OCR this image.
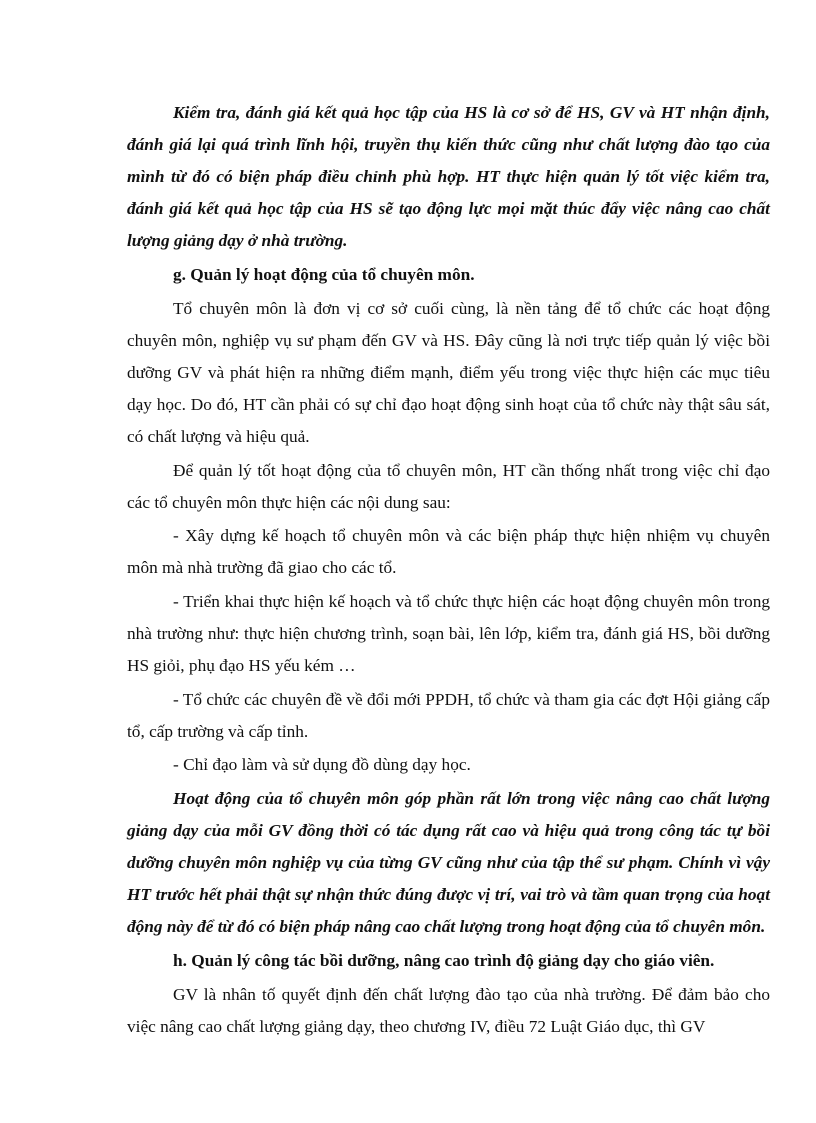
Kiểm tra, đánh giá kết quả học tập của HS là cơ sở để HS, GV và HT nhận định, đánh giá lại quá trình lĩnh hội, truyền thụ kiến thức cũng như chất lượng đào tạo của mình từ đó có biện pháp điều chỉnh phù hợp. HT thực hiện quản lý tốt việc kiểm tra, đánh giá kết quả học tập của HS sẽ tạo động lực mọi mặt thúc đẩy việc nâng cao chất lượng giảng dạy ở nhà trường.

g. Quản lý hoạt động của tổ chuyên môn.

Tổ chuyên môn là đơn vị cơ sở cuối cùng, là nền tảng để tổ chức các hoạt động chuyên môn, nghiệp vụ sư phạm đến GV và HS. Đây cũng là nơi trực tiếp quản lý việc bồi dưỡng GV và phát hiện ra những điểm mạnh, điểm yếu trong việc thực hiện các mục tiêu dạy học. Do đó, HT cần phải có sự chỉ đạo hoạt động sinh hoạt của tổ chức này thật sâu sát, có chất lượng và hiệu quả.

Để quản lý tốt hoạt động của tổ chuyên môn, HT cần thống nhất trong việc chỉ đạo các tổ chuyên môn thực hiện các nội dung sau:

- Xây dựng kế hoạch tổ chuyên môn và các biện pháp thực hiện nhiệm vụ chuyên môn mà nhà trường đã giao cho các tổ.

- Triển khai thực hiện kế hoạch và tổ chức thực hiện các hoạt động chuyên môn trong nhà trường như: thực hiện chương trình, soạn bài, lên lớp, kiểm tra, đánh giá HS, bồi dưỡng HS giỏi, phụ đạo HS yếu kém …

- Tổ chức các chuyên đề về đổi mới PPDH, tổ chức và tham gia các đợt Hội giảng cấp tổ, cấp trường và cấp tỉnh.

- Chỉ đạo làm và sử dụng đồ dùng dạy học.

Hoạt động của tổ chuyên môn góp phần rất lớn trong việc nâng cao chất lượng giảng dạy của mỗi GV đồng thời có tác dụng rất cao và hiệu quả trong công tác tự bồi dưỡng chuyên môn nghiệp vụ của từng GV cũng như của tập thể sư phạm. Chính vì vậy HT trước hết phải thật sự nhận thức đúng được vị trí, vai trò và tầm quan trọng của hoạt động này để từ đó có biện pháp nâng cao chất lượng trong hoạt động của tổ chuyên môn.

h. Quản lý công tác bồi dưỡng, nâng cao trình độ giảng dạy cho giáo viên.

GV là nhân tố quyết định đến chất lượng đào tạo của nhà trường. Để đảm bảo cho việc nâng cao chất lượng giảng dạy, theo chương IV, điều 72 Luật Giáo dục, thì GV
